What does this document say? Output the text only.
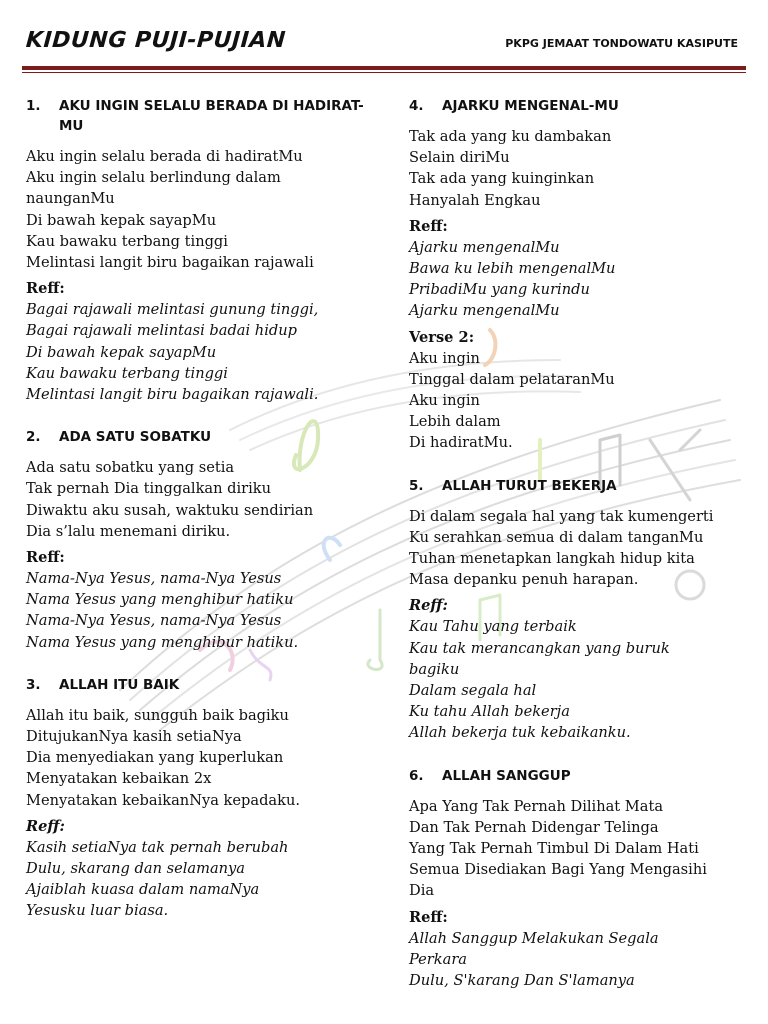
KIDUNG PUJI-PUJIAN	PKPG JEMAAT TONDOWATU KASIPUTE
1.	AKU INGIN SELALU BERADA DI HADIRAT-MU
Aku ingin selalu berada di hadiratMu
Aku ingin selalu berlindung dalam
naunganMu
Di bawah kepak sayapMu
Kau bawaku terbang tinggi
Melintasi langit biru bagaikan rajawali
Reff:
Bagai rajawali melintasi gunung tinggi,
Bagai rajawali melintasi badai hidup
Di bawah kepak sayapMu
Kau bawaku terbang tinggi
Melintasi langit biru bagaikan rajawali.
2.	ADA SATU SOBATKU
Ada satu sobatku yang setia
Tak pernah Dia tinggalkan diriku
Diwaktu aku susah, waktuku sendirian
Dia s’lalu menemani diriku.
Reff:
Nama-Nya Yesus, nama-Nya Yesus
Nama Yesus yang menghibur hatiku
Nama-Nya Yesus, nama-Nya Yesus
Nama Yesus yang menghibur hatiku.
3.	ALLAH ITU BAIK
Allah itu baik, sungguh baik bagiku
DitujukanNya kasih setiaNya
Dia menyediakan yang kuperlukan
Menyatakan kebaikan 2x
Menyatakan kebaikanNya kepadaku.
Reff:
Kasih setiaNya tak pernah berubah
Dulu, skarang dan selamanya
Ajaiblah kuasa dalam namaNya
Yesusku luar biasa.
4.	AJARKU MENGENAL-MU
Tak ada yang ku dambakan
Selain diriMu
Tak ada yang kuinginkan
Hanyalah Engkau
Reff:
Ajarku mengenalMu
Bawa ku lebih mengenalMu
PribadiMu yang kurindu
Ajarku mengenalMu
Verse 2:
Aku ingin
Tinggal dalam pelataranMu
Aku ingin
Lebih dalam
Di hadiratMu.
5.	ALLAH TURUT BEKERJA
Di dalam segala hal yang tak kumengerti
Ku serahkan semua di dalam tanganMu
Tuhan menetapkan langkah hidup kita
Masa depanku penuh harapan.
Reff:
Kau Tahu yang terbaik
Kau tak merancangkan yang buruk
bagiku
Dalam segala hal
Ku tahu Allah bekerja
Allah bekerja tuk kebaikanku.
6.	ALLAH SANGGUP
Apa Yang Tak Pernah Dilihat Mata
Dan Tak Pernah Didengar Telinga
Yang Tak Pernah Timbul Di Dalam Hati
Semua Disediakan Bagi Yang Mengasihi
Dia
Reff:
Allah Sanggup Melakukan Segala
Perkara
Dulu, S'karang Dan S'lamanya
